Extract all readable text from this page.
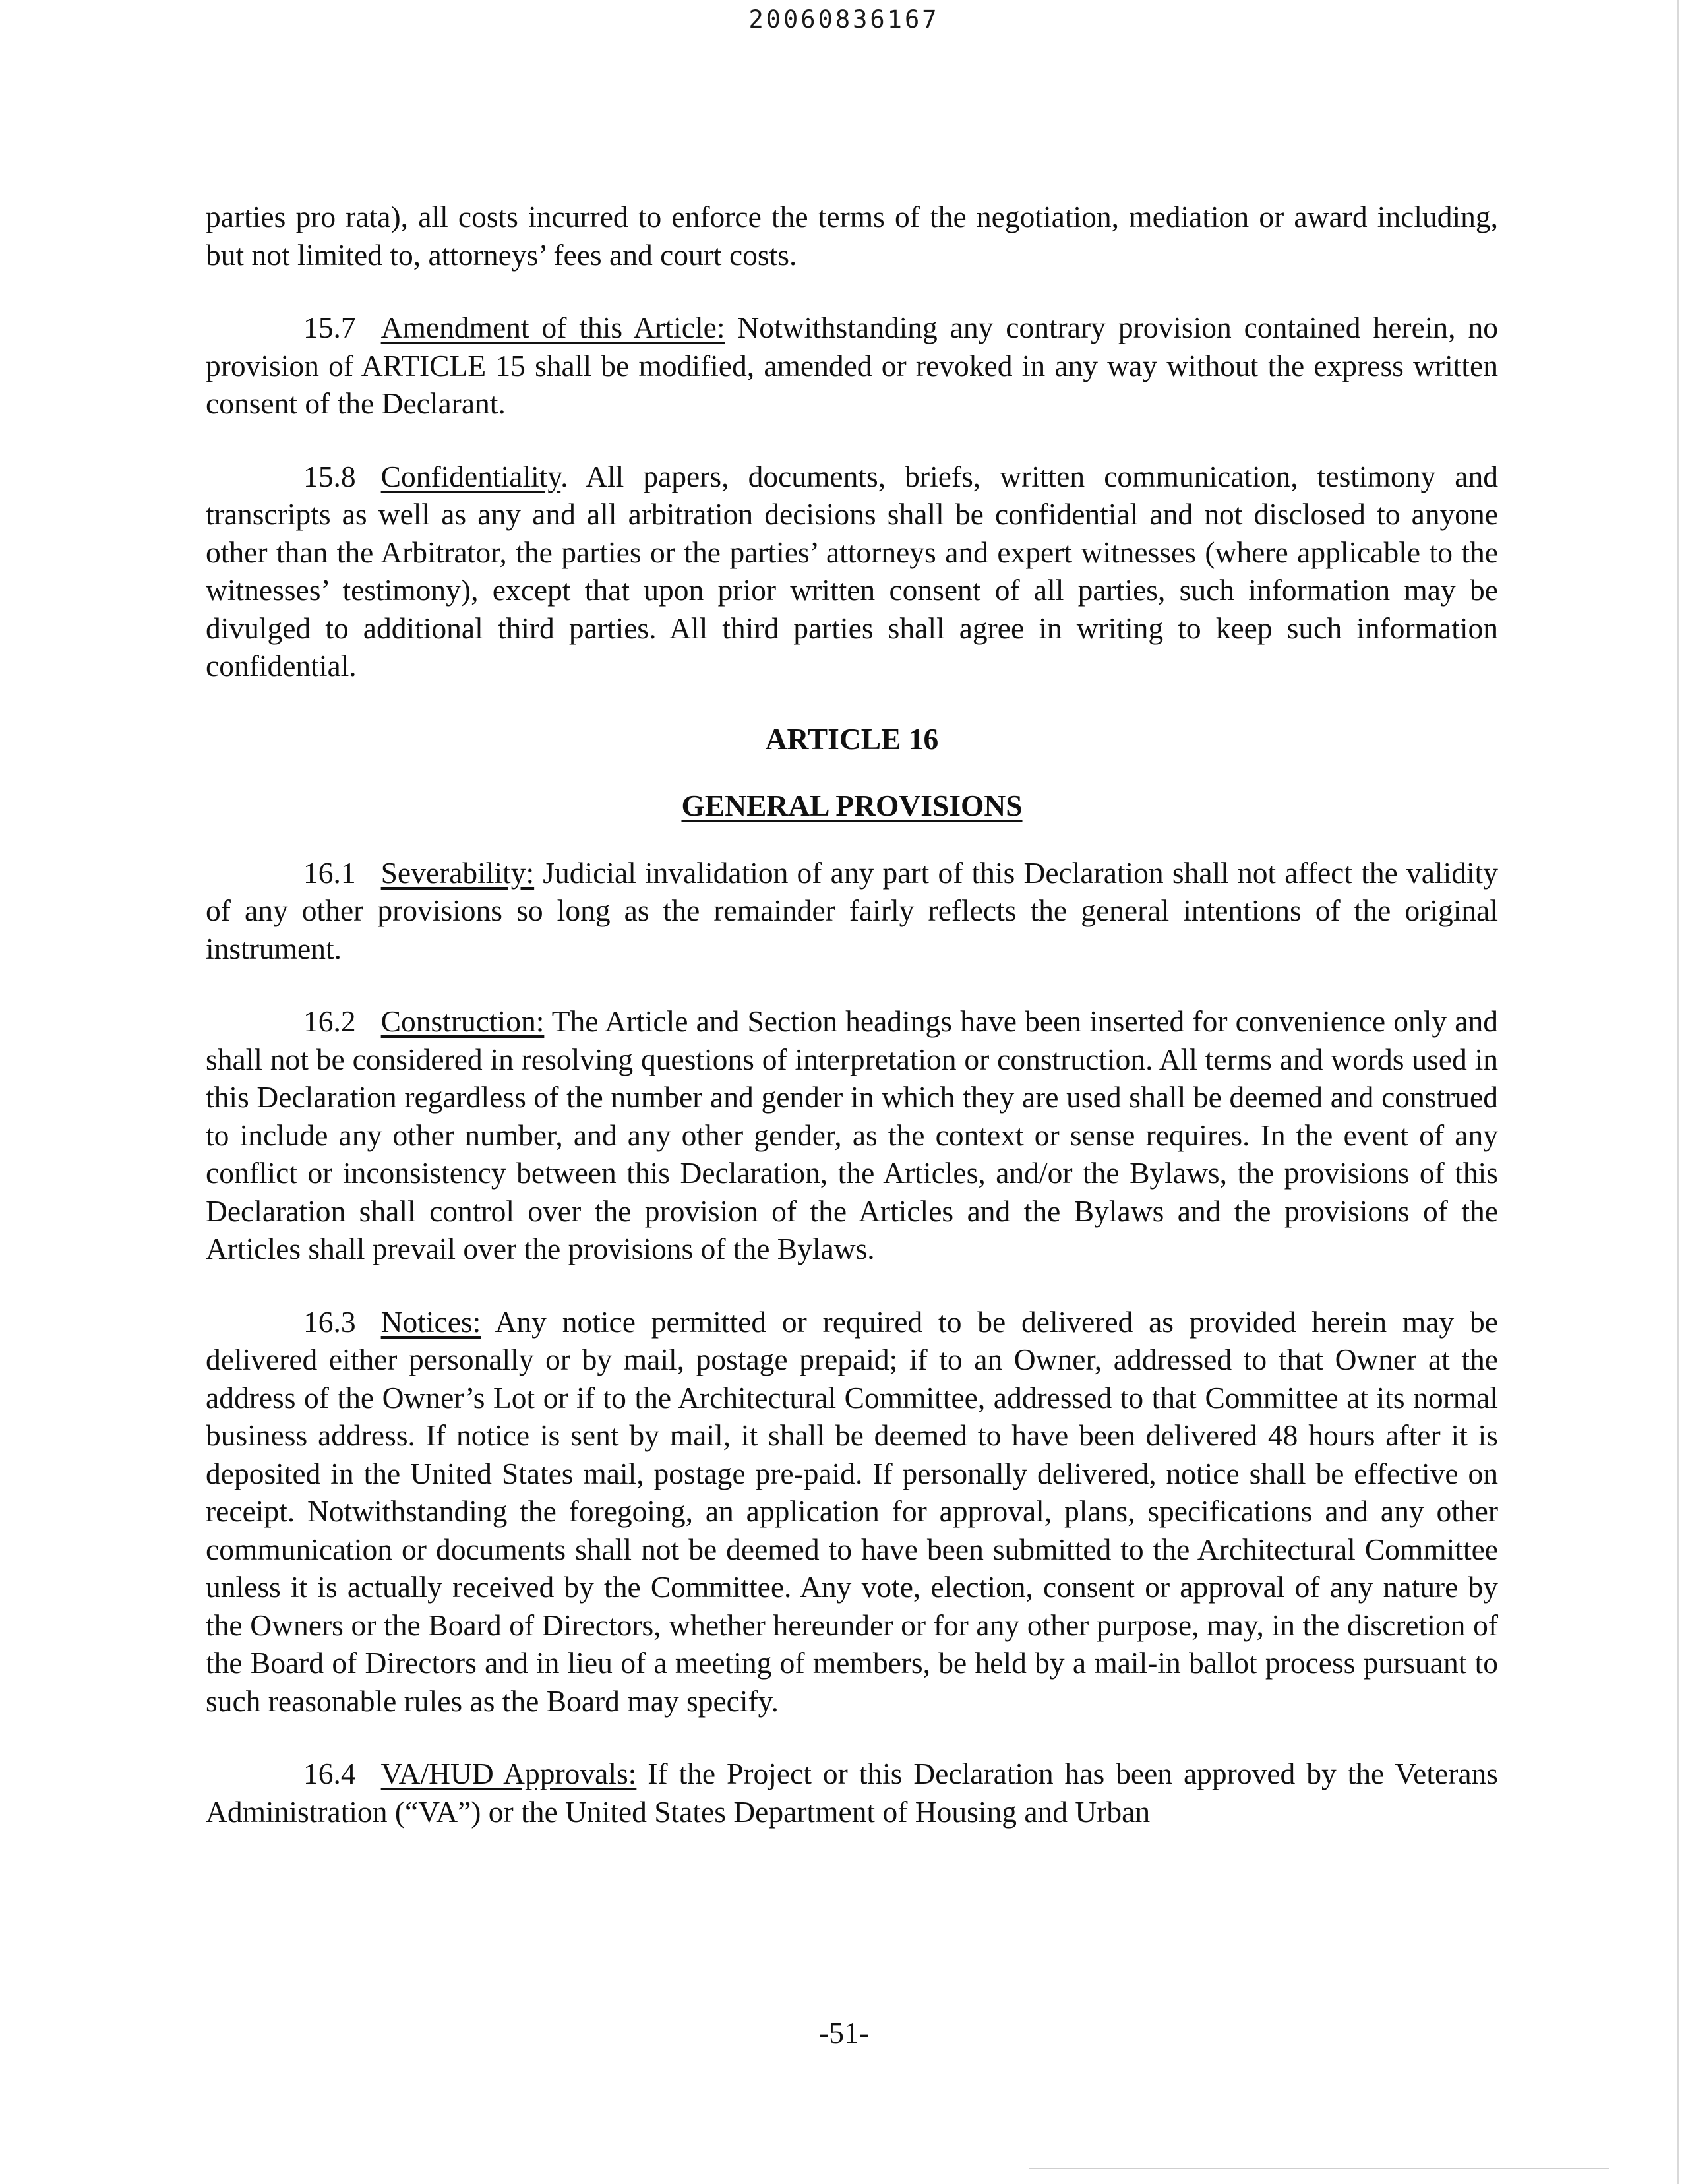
20060836167

parties pro rata), all costs incurred to enforce the terms of the negotiation, mediation or award including, but not limited to, attorneys’ fees and court costs.

15.7 Amendment of this Article: Notwithstanding any contrary provision contained herein, no provision of ARTICLE 15 shall be modified, amended or revoked in any way without the express written consent of the Declarant.

15.8 Confidentiality. All papers, documents, briefs, written communication, testimony and transcripts as well as any and all arbitration decisions shall be confidential and not disclosed to anyone other than the Arbitrator, the parties or the parties’ attorneys and expert witnesses (where applicable to the witnesses’ testimony), except that upon prior written consent of all parties, such information may be divulged to additional third parties. All third parties shall agree in writing to keep such information confidential.

ARTICLE 16
GENERAL PROVISIONS

16.1 Severability: Judicial invalidation of any part of this Declaration shall not affect the validity of any other provisions so long as the remainder fairly reflects the general intentions of the original instrument.

16.2 Construction: The Article and Section headings have been inserted for convenience only and shall not be considered in resolving questions of interpretation or construction. All terms and words used in this Declaration regardless of the number and gender in which they are used shall be deemed and construed to include any other number, and any other gender, as the context or sense requires. In the event of any conflict or inconsistency between this Declaration, the Articles, and/or the Bylaws, the provisions of this Declaration shall control over the provision of the Articles and the Bylaws and the provisions of the Articles shall prevail over the provisions of the Bylaws.

16.3 Notices: Any notice permitted or required to be delivered as provided herein may be delivered either personally or by mail, postage prepaid; if to an Owner, addressed to that Owner at the address of the Owner’s Lot or if to the Architectural Committee, addressed to that Committee at its normal business address. If notice is sent by mail, it shall be deemed to have been delivered 48 hours after it is deposited in the United States mail, postage pre-paid. If personally delivered, notice shall be effective on receipt. Notwithstanding the foregoing, an application for approval, plans, specifications and any other communication or documents shall not be deemed to have been submitted to the Architectural Committee unless it is actually received by the Committee. Any vote, election, consent or approval of any nature by the Owners or the Board of Directors, whether hereunder or for any other purpose, may, in the discretion of the Board of Directors and in lieu of a meeting of members, be held by a mail-in ballot process pursuant to such reasonable rules as the Board may specify.

16.4 VA/HUD Approvals: If the Project or this Declaration has been approved by the Veterans Administration (“VA”) or the United States Department of Housing and Urban

-51-
